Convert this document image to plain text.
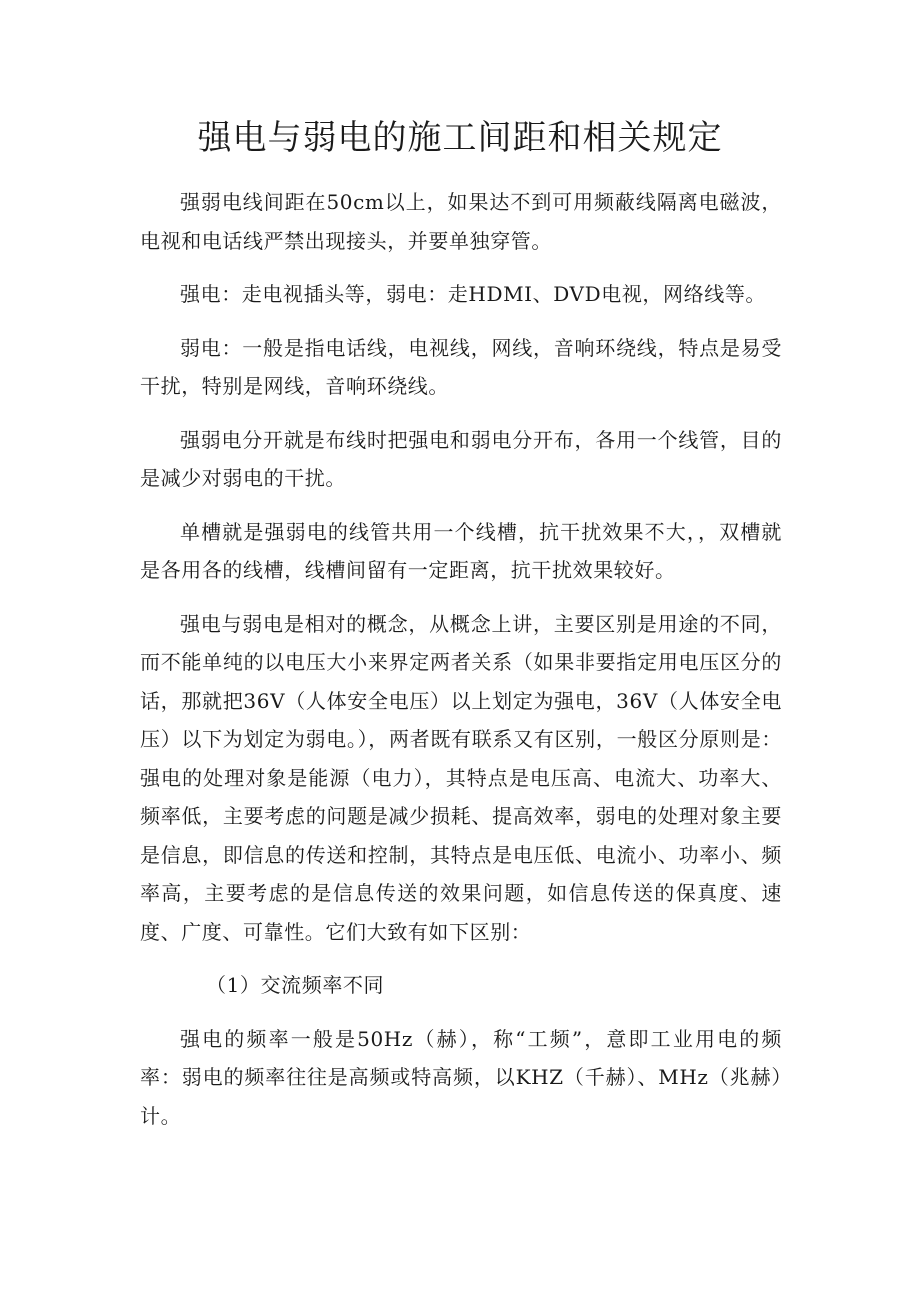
强电与弱电的施工间距和相关规定

强弱电线间距在50cm以上，如果达不到可用频蔽线隔离电磁波，电视和电话线严禁出现接头，并要单独穿管。

强电：走电视插头等，弱电：走HDMI、DVD电视，网络线等。

弱电：一般是指电话线，电视线，网线，音响环绕线，特点是易受干扰，特别是网线，音响环绕线。

强弱电分开就是布线时把强电和弱电分开布，各用一个线管，目的是减少对弱电的干扰。

单槽就是强弱电的线管共用一个线槽，抗干扰效果不大，，双槽就是各用各的线槽，线槽间留有一定距离，抗干扰效果较好。

强电与弱电是相对的概念，从概念上讲，主要区别是用途的不同，而不能单纯的以电压大小来界定两者关系（如果非要指定用电压区分的话，那就把36V（人体安全电压）以上划定为强电，36V（人体安全电压）以下为划定为弱电。），两者既有联系又有区别，一般区分原则是：强电的处理对象是能源（电力），其特点是电压高、电流大、功率大、频率低，主要考虑的问题是减少损耗、提高效率，弱电的处理对象主要是信息，即信息的传送和控制，其特点是电压低、电流小、功率小、频率高，主要考虑的是信息传送的效果问题，如信息传送的保真度、速度、广度、可靠性。它们大致有如下区别：

（1）交流频率不同

强电的频率一般是50Hz（赫），称“工频”，意即工业用电的频率：弱电的频率往往是高频或特高频，以KHZ（千赫）、MHz（兆赫）计。
